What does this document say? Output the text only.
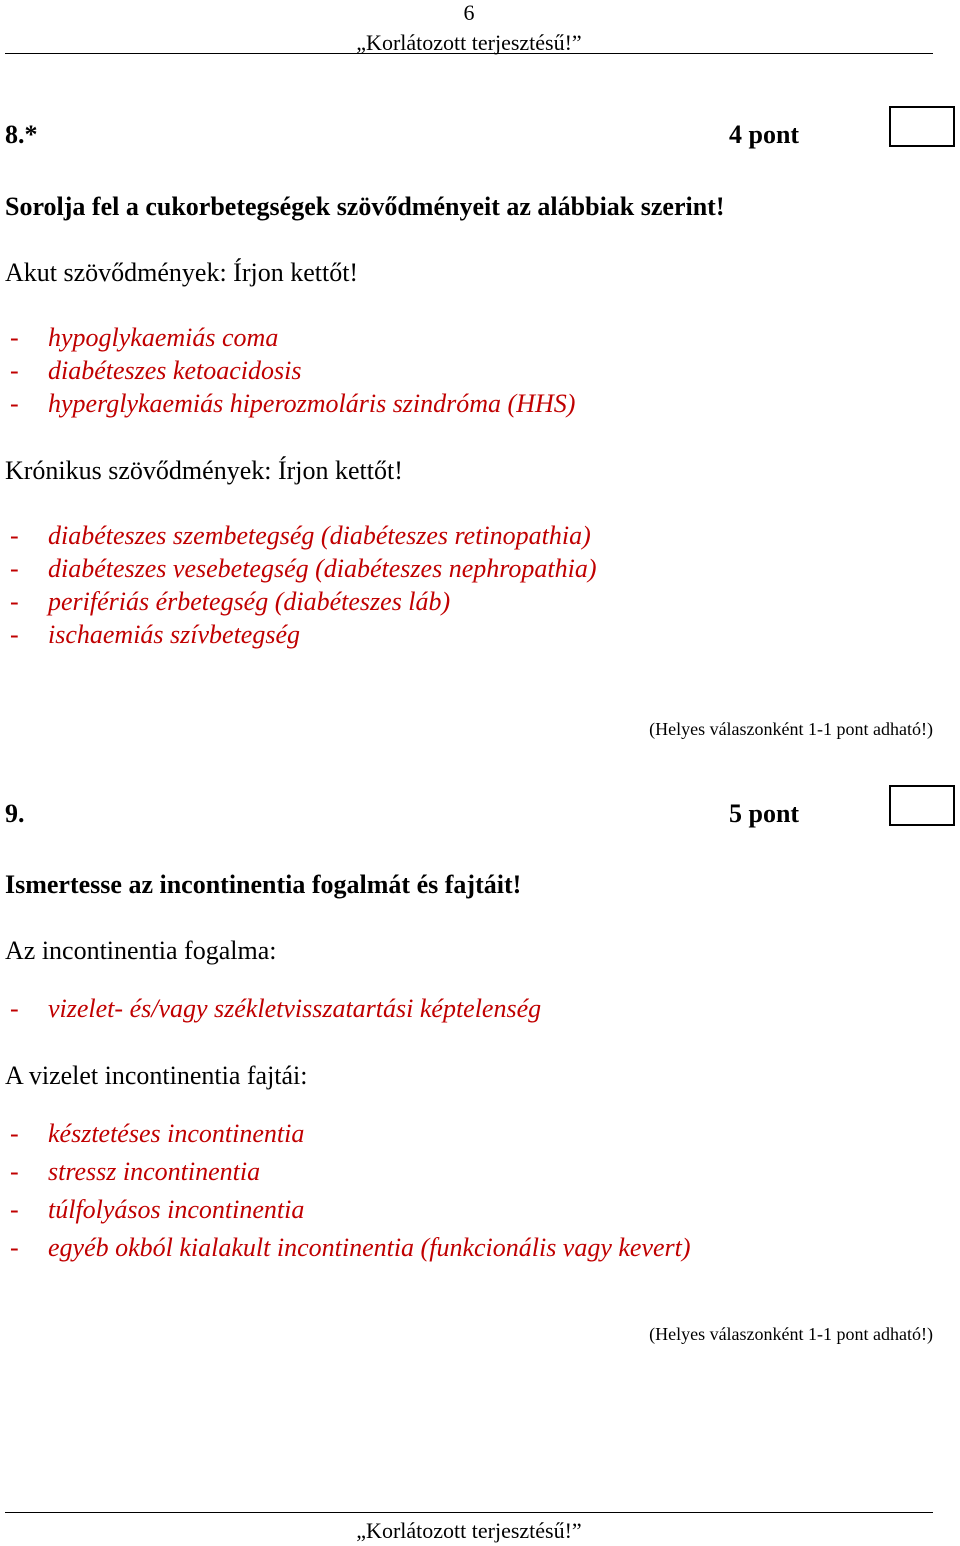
6
„Korlátozott terjesztésű!”
8.*	4 pont
Sorolja fel a cukorbetegségek szövődményeit az alábbiak szerint!
Akut szövődmények: Írjon kettőt!
- hypoglykaemiás coma
- diabéteszes ketoacidosis
- hyperglykaemiás hiperozmoláris szindróma (HHS)
Krónikus szövődmények: Írjon kettőt!
- diabéteszes szembetegség (diabéteszes retinopathia)
- diabéteszes vesebetegség (diabéteszes nephropathia)
- perifériás érbetegség (diabéteszes láb)
- ischaemiás szívbetegség
(Helyes válaszonként 1-1 pont adható!)
9.	5 pont
Ismertesse az incontinentia fogalmát és fajtáit!
Az incontinentia fogalma:
- vizelet- és/vagy székletvisszatartási képtelenség
A vizelet incontinentia fajtái:
- késztetéses incontinentia
- stressz incontinentia
- túlfolyásos incontinentia
- egyéb okból kialakult incontinentia (funkcionális vagy kevert)
(Helyes válaszonként 1-1 pont adható!)
„Korlátozott terjesztésű!”
